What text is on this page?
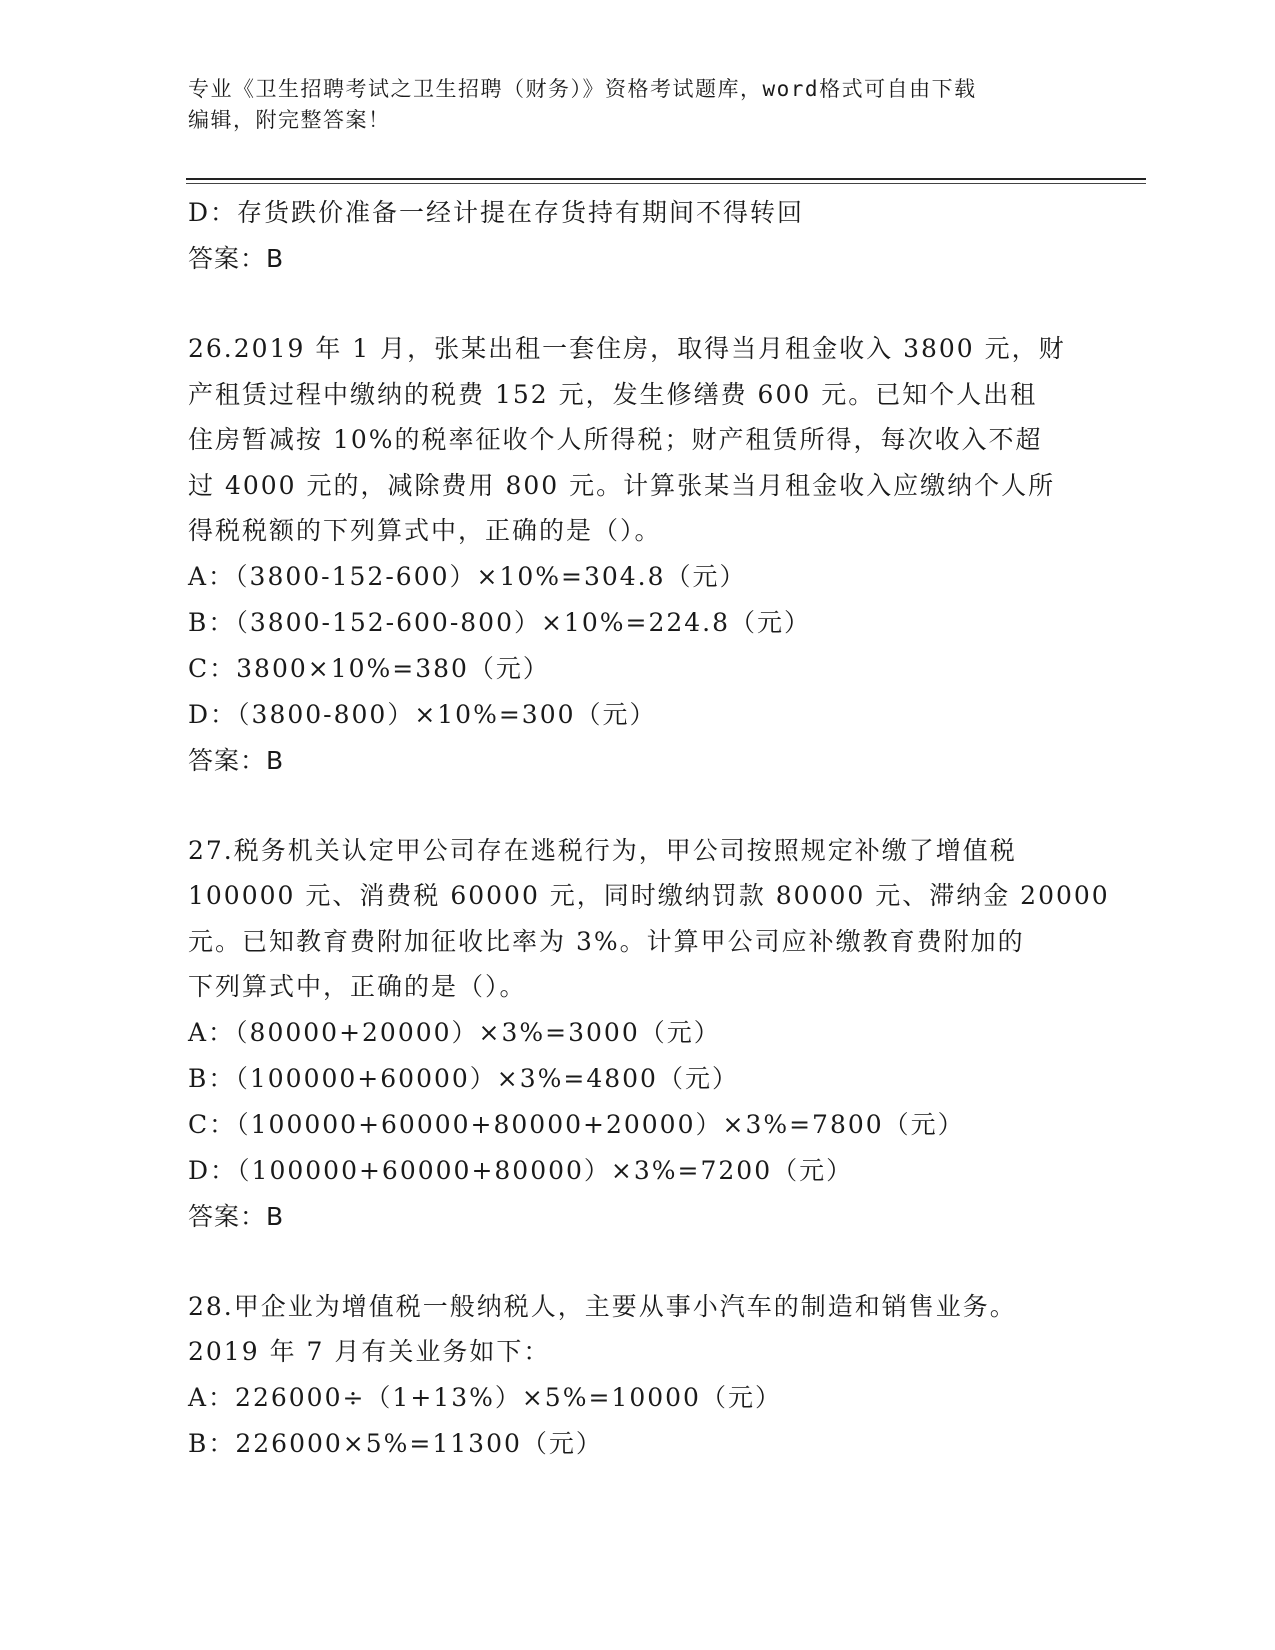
专业《卫生招聘考试之卫生招聘（财务）》资格考试题库，word格式可自由下载
编辑，附完整答案！
D：存货跌价准备一经计提在存货持有期间不得转回
答案：B
26.2019 年 1 月，张某出租一套住房，取得当月租金收入 3800 元，财
产租赁过程中缴纳的税费 152 元，发生修缮费 600 元。已知个人出租
住房暂减按 10%的税率征收个人所得税；财产租赁所得，每次收入不超
过 4000 元的，减除费用 800 元。计算张某当月租金收入应缴纳个人所
得税税额的下列算式中，正确的是（）。
A：（3800-152-600）×10%=304.8（元）
B：（3800-152-600-800）×10%=224.8（元）
C：3800×10%=380（元）
D：（3800-800）×10%=300（元）
答案：B
27.税务机关认定甲公司存在逃税行为，甲公司按照规定补缴了增值税
100000 元、消费税 60000 元，同时缴纳罚款 80000 元、滞纳金 20000
元。已知教育费附加征收比率为 3%。计算甲公司应补缴教育费附加的
下列算式中，正确的是（）。
A：（80000+20000）×3%=3000（元）
B：（100000+60000）×3%=4800（元）
C：（100000+60000+80000+20000）×3%=7800（元）
D：（100000+60000+80000）×3%=7200（元）
答案：B
28.甲企业为增值税一般纳税人，主要从事小汽车的制造和销售业务。
2019 年 7 月有关业务如下：
A：226000÷（1+13%）×5%=10000（元）
B：226000×5%=11300（元）
